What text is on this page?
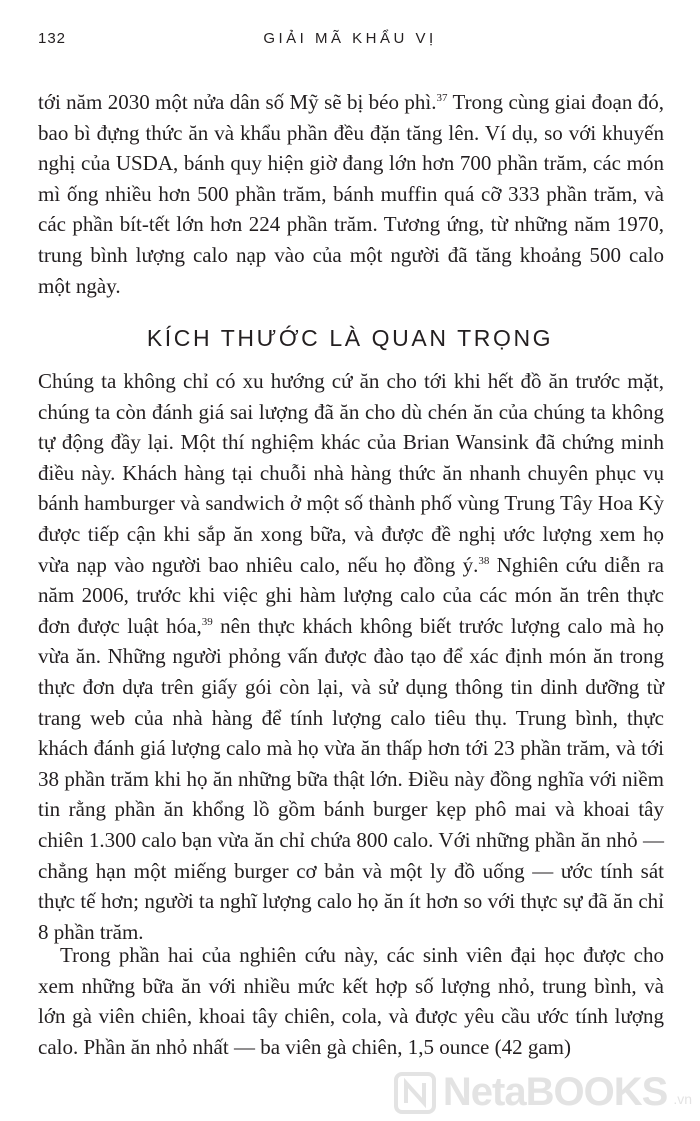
132	GIẢI MÃ KHẨU VỊ

tới năm 2030 một nửa dân số Mỹ sẽ bị béo phì.$^{37}$ Trong cùng giai đoạn đó, bao bì đựng thức ăn và khẩu phần đều đặn tăng lên. Ví dụ, so với khuyến nghị của USDA, bánh quy hiện giờ đang lớn hơn 700 phần trăm, các món mì ống nhiều hơn 500 phần trăm, bánh muffin quá cỡ 333 phần trăm, và các phần bít-tết lớn hơn 224 phần trăm. Tương ứng, từ những năm 1970, trung bình lượng calo nạp vào của một người đã tăng khoảng 500 calo một ngày.

KÍCH THƯỚC LÀ QUAN TRỌNG

Chúng ta không chỉ có xu hướng cứ ăn cho tới khi hết đồ ăn trước mặt, chúng ta còn đánh giá sai lượng đã ăn cho dù chén ăn của chúng ta không tự động đầy lại. Một thí nghiệm khác của Brian Wansink đã chứng minh điều này. Khách hàng tại chuỗi nhà hàng thức ăn nhanh chuyên phục vụ bánh hamburger và sandwich ở một số thành phố vùng Trung Tây Hoa Kỳ được tiếp cận khi sắp ăn xong bữa, và được đề nghị ước lượng xem họ vừa nạp vào người bao nhiêu calo, nếu họ đồng ý.$^{38}$ Nghiên cứu diễn ra năm 2006, trước khi việc ghi hàm lượng calo của các món ăn trên thực đơn được luật hóa,$^{39}$ nên thực khách không biết trước lượng calo mà họ vừa ăn. Những người phỏng vấn được đào tạo để xác định món ăn trong thực đơn dựa trên giấy gói còn lại, và sử dụng thông tin dinh dưỡng từ trang web của nhà hàng để tính lượng calo tiêu thụ. Trung bình, thực khách đánh giá lượng calo mà họ vừa ăn thấp hơn tới 23 phần trăm, và tới 38 phần trăm khi họ ăn những bữa thật lớn. Điều này đồng nghĩa với niềm tin rằng phần ăn khổng lồ gồm bánh burger kẹp phô mai và khoai tây chiên 1.300 calo bạn vừa ăn chỉ chứa 800 calo. Với những phần ăn nhỏ — chẳng hạn một miếng burger cơ bản và một ly đồ uống — ước tính sát thực tế hơn; người ta nghĩ lượng calo họ ăn ít hơn so với thực sự đã ăn chỉ 8 phần trăm.

Trong phần hai của nghiên cứu này, các sinh viên đại học được cho xem những bữa ăn với nhiều mức kết hợp số lượng nhỏ, trung bình, và lớn gà viên chiên, khoai tây chiên, cola, và được yêu cầu ước tính lượng calo. Phần ăn nhỏ nhất — ba viên gà chiên, 1,5 ounce (42 gam)

NetaBOOKS .vn
